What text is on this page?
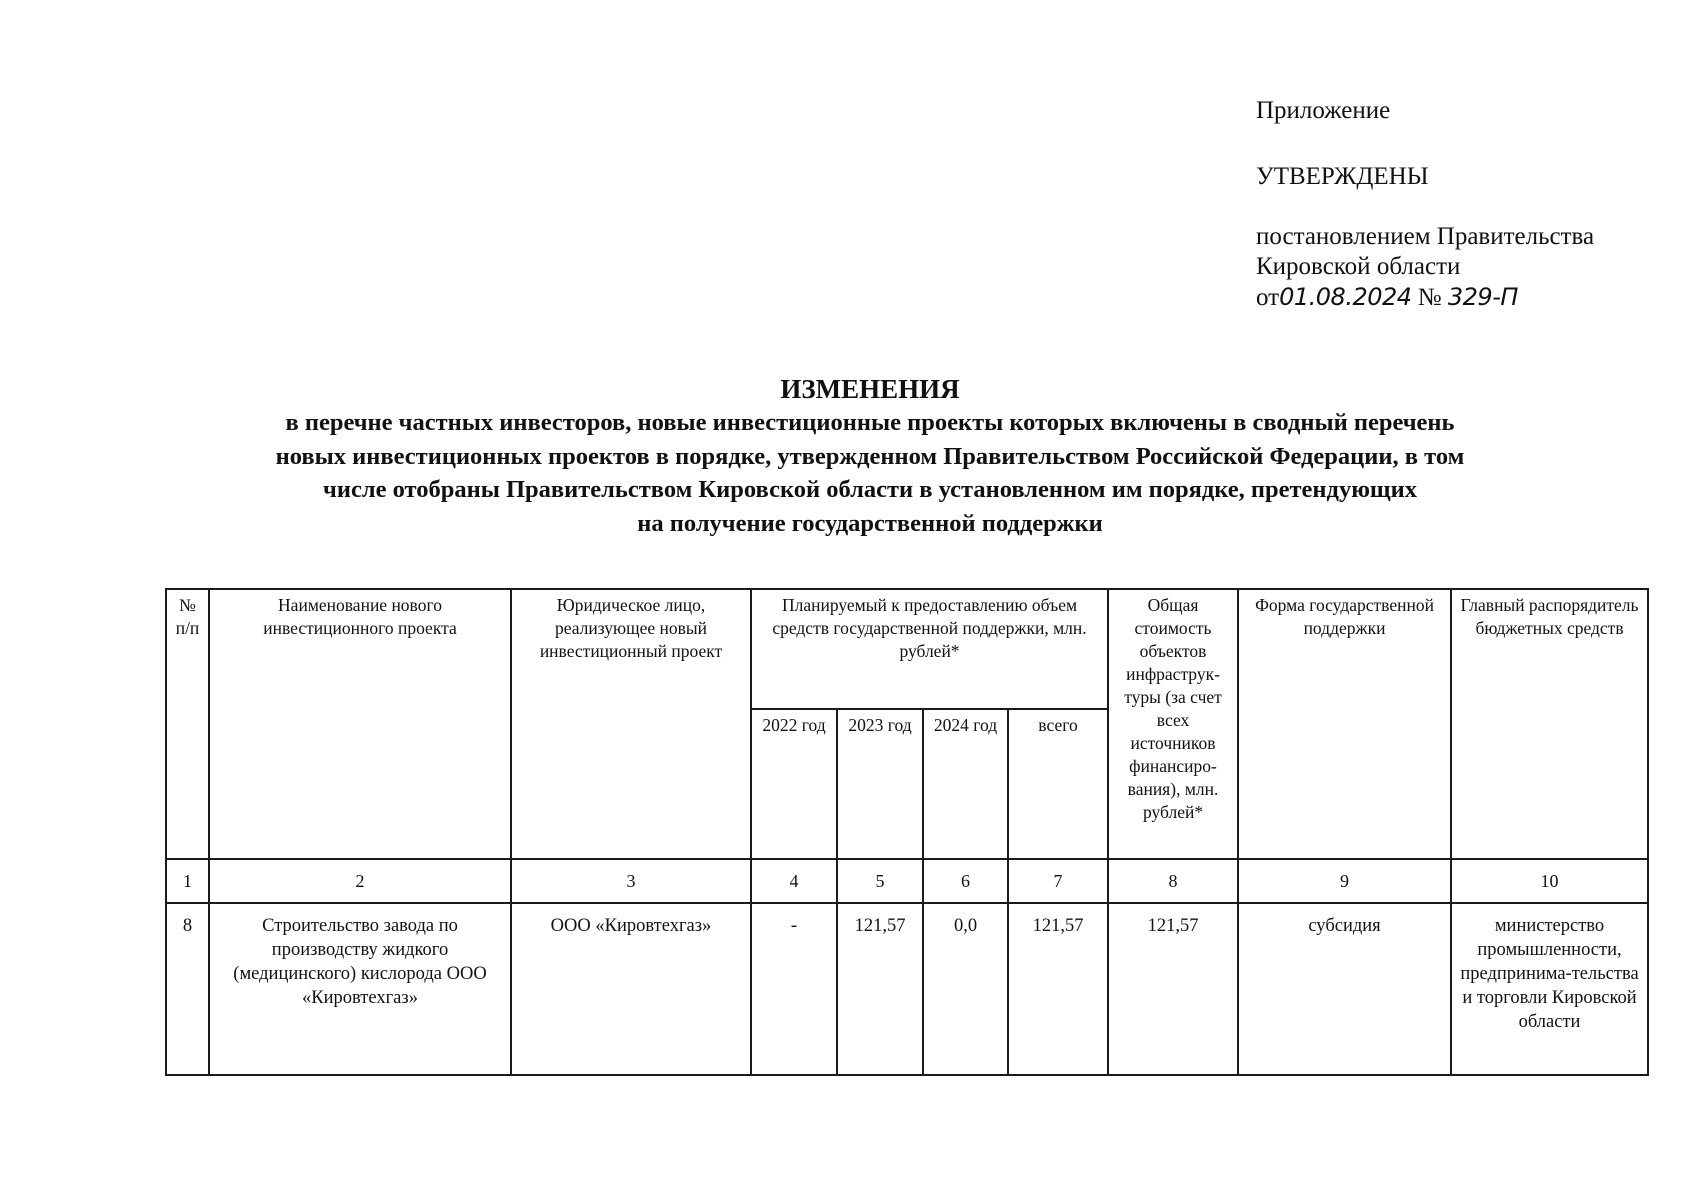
Приложение
УТВЕРЖДЕНЫ
постановлением Правительства
Кировской области
от01.08.2024 № 329-П
ИЗМЕНЕНИЯ
в перечне частных инвесторов, новые инвестиционные проекты которых включены в сводный перечень
новых инвестиционных проектов в порядке, утвержденном Правительством Российской Федерации, в том
числе отобраны Правительством Кировской области в установленном им порядке, претендующих
на получение государственной поддержки
№ п/п	Наименование нового инвестиционного проекта	Юридическое лицо, реализующее новый инвестиционный проект	Планируемый к предоставлению объем средств государственной поддержки, млн. рублей*				Общая стоимость объектов инфраструк-туры (за счет всех источников финансиро-вания), млн. рублей*	Форма государственной поддержки	Главный распорядитель бюджетных средств
			2022 год	2023 год	2024 год	всего			
1	2	3	4	5	6	7	8	9	10
8	Строительство завода по производству жидкого (медицинского) кислорода ООО «Кировтехгаз»	ООО «Кировтехгаз»	-	121,57	0,0	121,57	121,57	субсидия	министерство промышленности, предпринима-тельства и торговли Кировской области
